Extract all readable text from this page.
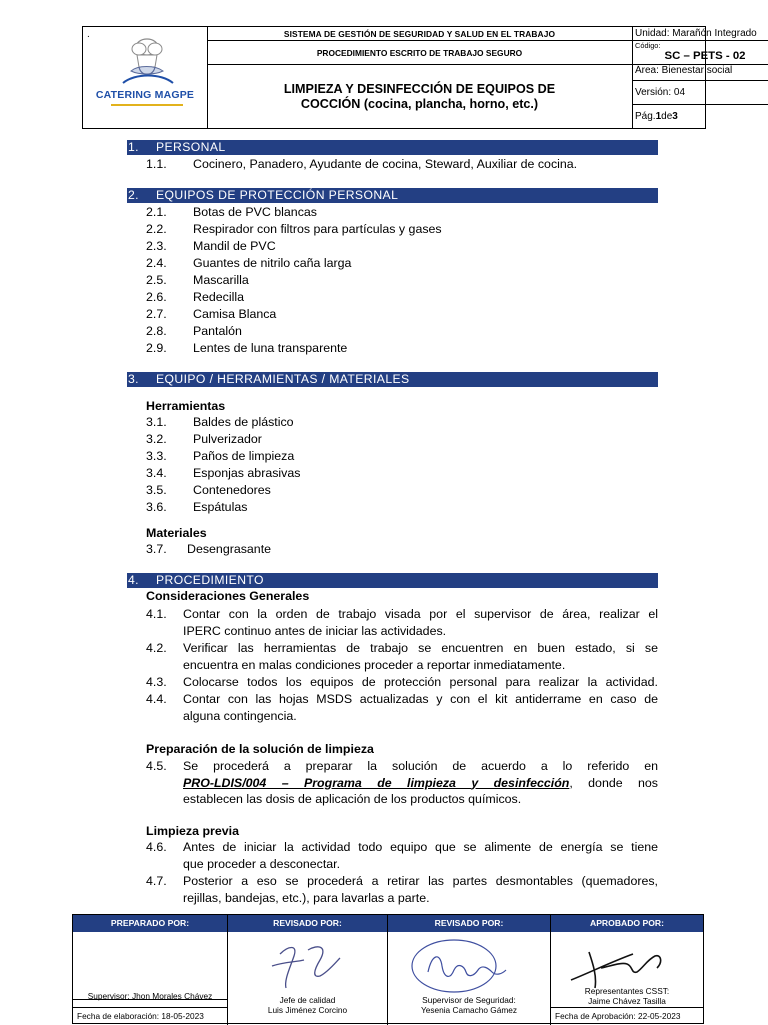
.
CATERING MAGPE
SISTEMA DE GESTIÓN DE SEGURIDAD Y SALUD EN EL TRABAJO
PROCEDIMIENTO ESCRITO DE TRABAJO SEGURO
LIMPIEZA Y DESINFECCIÓN DE EQUIPOS DE
COCCIÓN (cocina, plancha, horno, etc.)
Unidad: Marañón Integrado
Código:
SC – PETS - 02
Área: Bienestar social
Versión: 04
Pág. 1 de 3
1. PERSONAL
1.1. Cocinero, Panadero, Ayudante de cocina, Steward, Auxiliar de cocina.
2. EQUIPOS DE PROTECCIÓN PERSONAL
2.1. Botas de PVC blancas
2.2. Respirador con filtros para partículas y gases
2.3. Mandil de PVC
2.4. Guantes de nitrilo caña larga
2.5. Mascarilla
2.6. Redecilla
2.7. Camisa Blanca
2.8. Pantalón
2.9. Lentes de luna transparente
3. EQUIPO / HERRAMIENTAS / MATERIALES
Herramientas
3.1. Baldes de plástico
3.2. Pulverizador
3.3. Paños de limpieza
3.4. Esponjas abrasivas
3.5. Contenedores
3.6. Espátulas
Materiales
3.7. Desengrasante
4. PROCEDIMIENTO
Consideraciones Generales
4.1. Contar con la orden de trabajo visada por el supervisor de área, realizar el
IPERC continuo antes de iniciar las actividades.
4.2. Verificar las herramientas de trabajo se encuentren en buen estado, si se
encuentra en malas condiciones proceder a reportar inmediatamente.
4.3. Colocarse todos los equipos de protección personal para realizar la actividad.
4.4. Contar con las hojas MSDS actualizadas y con el kit antiderrame en caso de
alguna contingencia.
Preparación de la solución de limpieza
4.5. Se procederá a preparar la solución de acuerdo a lo referido en
PRO-LDIS/004 – Programa de limpieza y desinfección, donde nos
establecen las dosis de aplicación de los productos químicos.
Limpieza previa
4.6. Antes de iniciar la actividad todo equipo que se alimente de energía se tiene
que proceder a desconectar.
4.7. Posterior a eso se procederá a retirar las partes desmontables (quemadores,
rejillas, bandejas, etc.), para lavarlas a parte.
PREPARADO POR:
Supervisor: Jhon Morales Chávez
Fecha de elaboración: 18-05-2023
REVISADO POR:
Jefe de calidad
Luis Jiménez Corcino
REVISADO POR:
Supervisor de Seguridad:
Yesenia Camacho Gámez
APROBADO POR:
Representantes CSST:
Jaime Chávez Tasilla
Fecha de Aprobación: 22-05-2023
